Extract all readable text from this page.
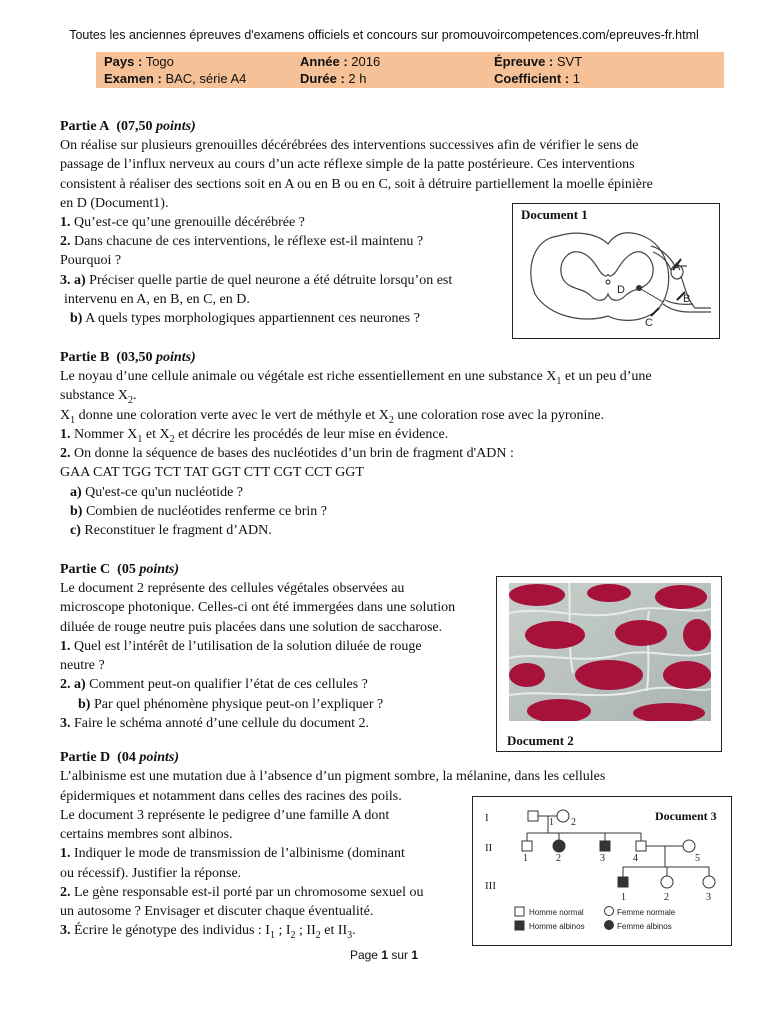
Toutes les anciennes épreuves d'examens officiels et concours sur promouvoircompetences.com/epreuves-fr.html
Pays : Togo	Année : 2016	Épreuve : SVT
Examen : BAC, série A4	Durée : 2 h	Coefficient : 1
Partie A (07,50 points)
On réalise sur plusieurs grenouilles décérébrées des interventions successives afin de vérifier le sens de
passage de l’influx nerveux au cours d’un acte réflexe simple de la patte postérieure. Ces interventions
consistent à réaliser des sections soit en A ou en B ou en C, soit à détruire partiellement la moelle épinière
en D (Document1).
1. Qu’est-ce qu’une grenouille décérébrée ?
2. Dans chacune de ces interventions, le réflexe est-il maintenu ?
Pourquoi ?
3. a) Préciser quelle partie de quel neurone a été détruite lorsqu’on est
intervenu en A, en B, en C, en D.
b) A quels types morphologiques appartiennent ces neurones ?
Document 1
A
B
C
D
Partie B (03,50 points)
Le noyau d’une cellule animale ou végétale est riche essentiellement en une substance $X_1$ et un peu d’une
substance $X_2$.
$X_1$ donne une coloration verte avec le vert de méthyle et $X_2$ une coloration rose avec la pyronine.
1. Nommer $X_1$ et $X_2$ et décrire les procédés de leur mise en évidence.
2. On donne la séquence de bases des nucléotides d’un brin de fragment d'ADN :
GAA CAT TGG TCT TAT GGT CTT CGT CCT GGT
a) Qu'est-ce qu'un nucléotide ?
b) Combien de nucléotides renferme ce brin ?
c) Reconstituer le fragment d’ADN.
Partie C (05 points)
Le document 2 représente des cellules végétales observées au
microscope photonique. Celles-ci ont été immergées dans une solution
diluée de rouge neutre puis placées dans une solution de saccharose.
1. Quel est l’intérêt de l’utilisation de la solution diluée de rouge
neutre ?
2. a) Comment peut-on qualifier l’état de ces cellules ?
b) Par quel phénomène physique peut-on l’expliquer ?
3. Faire le schéma annoté d’une cellule du document 2.
Document 2
Partie D (04 points)
L’albinisme est une mutation due à l’absence d’un pigment sombre, la mélanine, dans les cellules
épidermiques et notamment dans celles des racines des poils.
Le document 3 représente le pedigree d’une famille A dont
certains membres sont albinos.
1. Indiquer le mode de transmission de l’albinisme (dominant
ou récessif). Justifier la réponse.
2. Le gène responsable est-il porté par un chromosome sexuel ou
un autosome ? Envisager et discuter chaque éventualité.
3. Écrire le génotype des individus : $I_1$ ; $I_2$ ; $II_2$ et $II_3$.
I
II
III
Document 3
1 2
1	2	3	4	5
1	2	3
Homme normal
Homme albinos
Femme normale
Femme albinos
Page 1 sur 1
